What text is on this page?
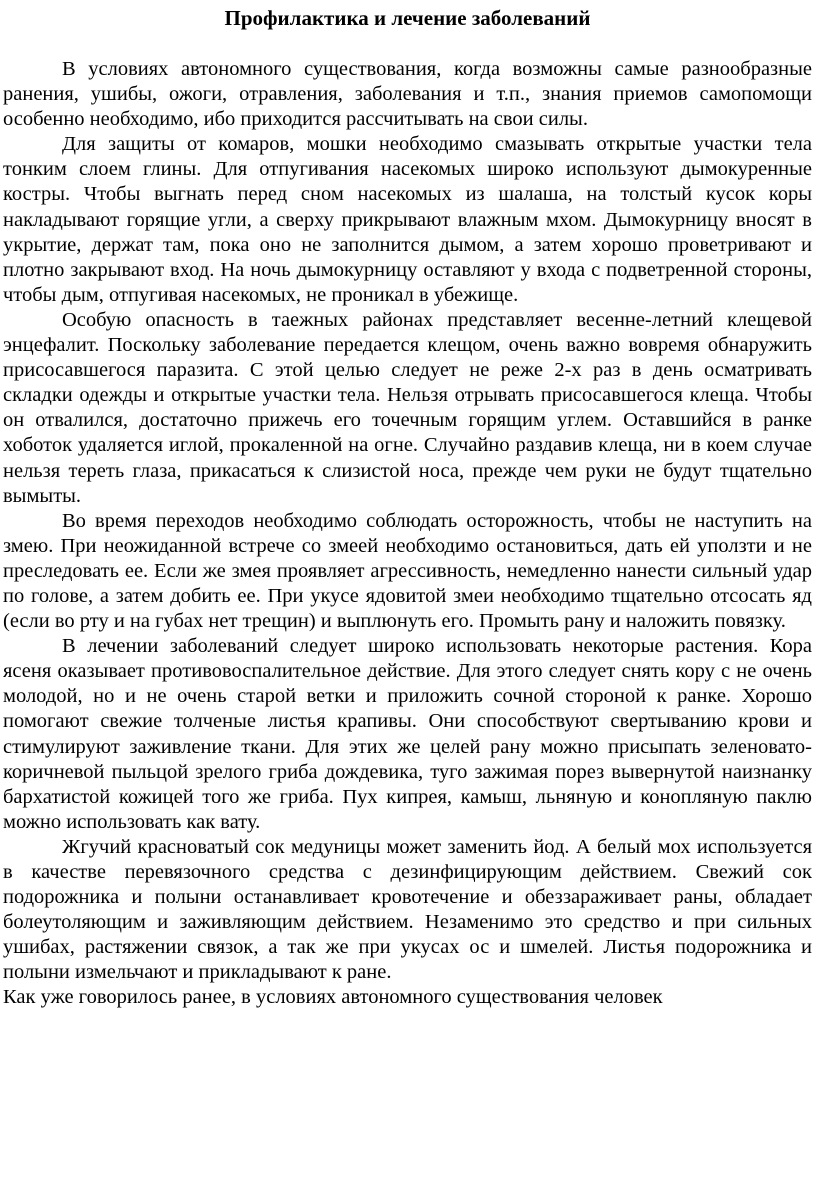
Профилактика и лечение заболеваний

В условиях автономного существования, когда возможны самые разнообразные ранения, ушибы, ожоги, отравления, заболевания и т.п., знания приемов самопомощи особенно необходимо, ибо приходится рассчитывать на свои силы.

Для защиты от комаров, мошки необходимо смазывать открытые участки тела тонким слоем глины. Для отпугивания насекомых широко используют дымокуренные костры. Чтобы выгнать перед сном насекомых из шалаша, на толстый кусок коры накладывают горящие угли, а сверху прикрывают влажным мхом. Дымокурницу вносят в укрытие, держат там, пока оно не заполнится дымом, а затем хорошо проветривают и плотно закрывают вход. На ночь дымокурницу оставляют у входа с подветренной стороны, чтобы дым, отпугивая насекомых, не проникал в убежище.

Особую опасность в таежных районах представляет весенне-летний клещевой энцефалит. Поскольку заболевание передается клещом, очень важно вовремя обнаружить присосавшегося паразита. С этой целью следует не реже 2-х раз в день осматривать складки одежды и открытые участки тела. Нельзя отрывать присосавшегося клеща. Чтобы он отвалился, достаточно прижечь его точечным горящим углем. Оставшийся в ранке хоботок удаляется иглой, прокаленной на огне. Случайно раздавив клеща, ни в коем случае нельзя тереть глаза, прикасаться к слизистой носа, прежде чем руки не будут тщательно вымыты.

Во время переходов необходимо соблюдать осторожность, чтобы не наступить на змею. При неожиданной встрече со змеей необходимо остановиться, дать ей уползти и не преследовать ее. Если же змея проявляет агрессивность, немедленно нанести сильный удар по голове, а затем добить ее. При укусе ядовитой змеи необходимо тщательно отсосать яд (если во рту и на губах нет трещин) и выплюнуть его. Промыть рану и наложить повязку.

В лечении заболеваний следует широко использовать некоторые растения. Кора ясеня оказывает противовоспалительное действие. Для этого следует снять кору с не очень молодой, но и не очень старой ветки и приложить сочной стороной к ранке. Хорошо помогают свежие толченые листья крапивы. Они способствуют свертыванию крови и стимулируют заживление ткани. Для этих же целей рану можно присыпать зеленовато-коричневой пыльцой зрелого гриба дождевика, туго зажимая порез вывернутой наизнанку бархатистой кожицей того же гриба. Пух кипрея, камыш, льняную и конопляную паклю можно использовать как вату.

Жгучий красноватый сок медуницы может заменить йод. А белый мох используется в качестве перевязочного средства с дезинфицирующим действием. Свежий сок подорожника и полыни останавливает кровотечение и обеззараживает раны, обладает болеутоляющим и заживляющим действием. Незаменимо это средство и при сильных ушибах, растяжении связок, а так же при укусах ос и шмелей. Листья подорожника и полыни измельчают и прикладывают к ране.

Как уже говорилось ранее, в условиях автономного существования человек
